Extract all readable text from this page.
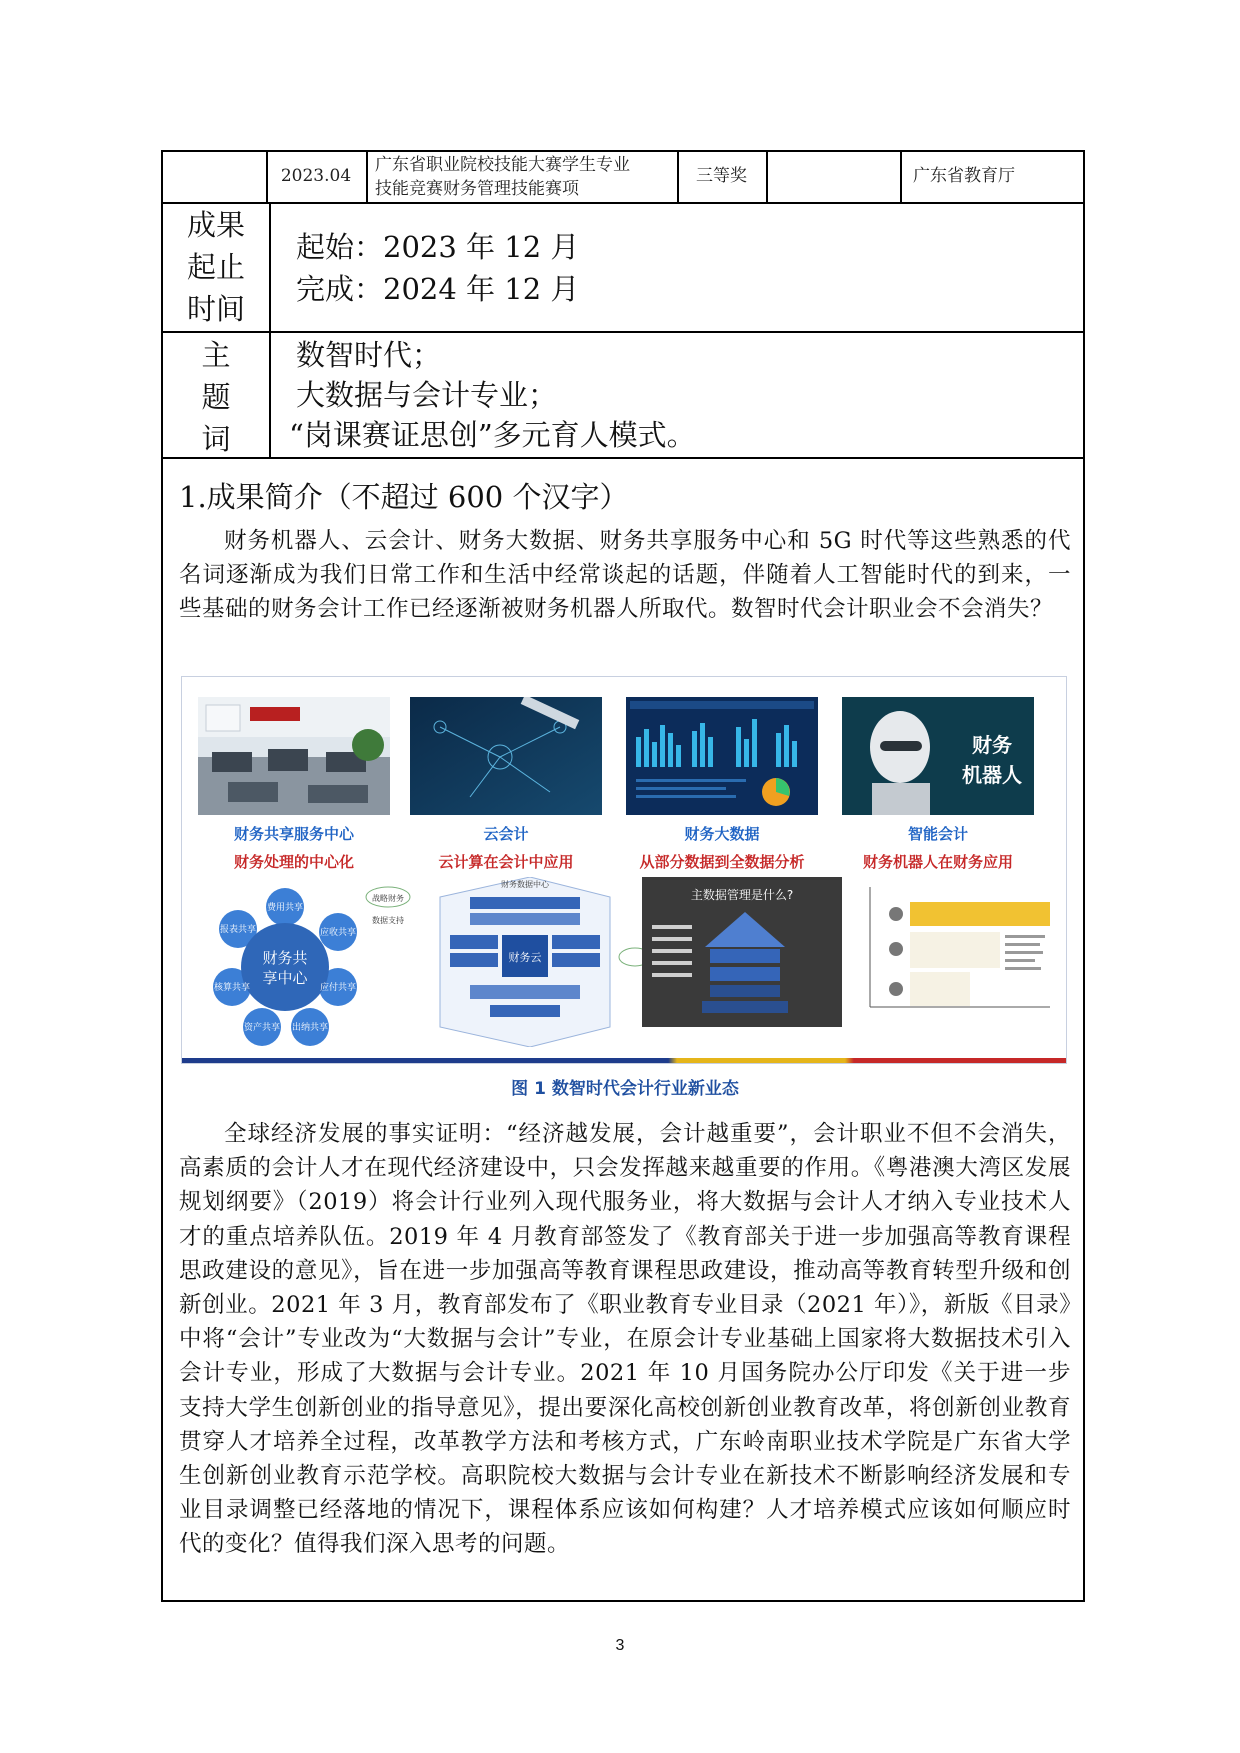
2023.04
广东省职业院校技能大赛学生专业
技能竞赛财务管理技能赛项
三等奖	广东省教育厅
成果
起止
时间
起始：2023 年 12 月
完成：2024 年 12 月
主
题
词
数智时代；
大数据与会计专业；
“岗课赛证思创”多元育人模式。
1.成果简介（不超过 600 个汉字）
财务机器人、云会计、财务大数据、财务共享服务中心和 5G 时代等这些熟悉的代名词逐渐成为我们日常工作和生活中经常谈起的话题，伴随着人工智能时代的到来，一些基础的财务会计工作已经逐渐被财务机器人所取代。数智时代会计职业会不会消失？
财务
机器人
财务共享服务中心
财务处理的中心化
云会计
云计算在会计中应用
财务大数据
从部分数据到全数据分析
智能会计
财务机器人在财务应用
财务共
享中心
费用共享
应收共享
应付共享
出纳共享
资产共享
核算共享
报表共享
战略财务
数据支持
财务数据中心
财务云
主数据管理是什么?
图 1 数智时代会计行业新业态
全球经济发展的事实证明：“经济越发展，会计越重要”，会计职业不但不会消失，高素质的会计人才在现代经济建设中，只会发挥越来越重要的作用。《粤港澳大湾区发展规划纲要》（2019）将会计行业列入现代服务业，将大数据与会计人才纳入专业技术人才的重点培养队伍。2019 年 4 月教育部签发了《教育部关于进一步加强高等教育课程思政建设的意见》，旨在进一步加强高等教育课程思政建设，推动高等教育转型升级和创新创业。2021 年 3 月，教育部发布了《职业教育专业目录（2021 年）》，新版《目录》中将“会计”专业改为“大数据与会计”专业，在原会计专业基础上国家将大数据技术引入会计专业，形成了大数据与会计专业。2021 年 10 月国务院办公厅印发《关于进一步支持大学生创新创业的指导意见》，提出要深化高校创新创业教育改革，将创新创业教育贯穿人才培养全过程，改革教学方法和考核方式，广东岭南职业技术学院是广东省大学生创新创业教育示范学校。高职院校大数据与会计专业在新技术不断影响经济发展和专业目录调整已经落地的情况下，课程体系应该如何构建？人才培养模式应该如何顺应时代的变化？值得我们深入思考的问题。
3
